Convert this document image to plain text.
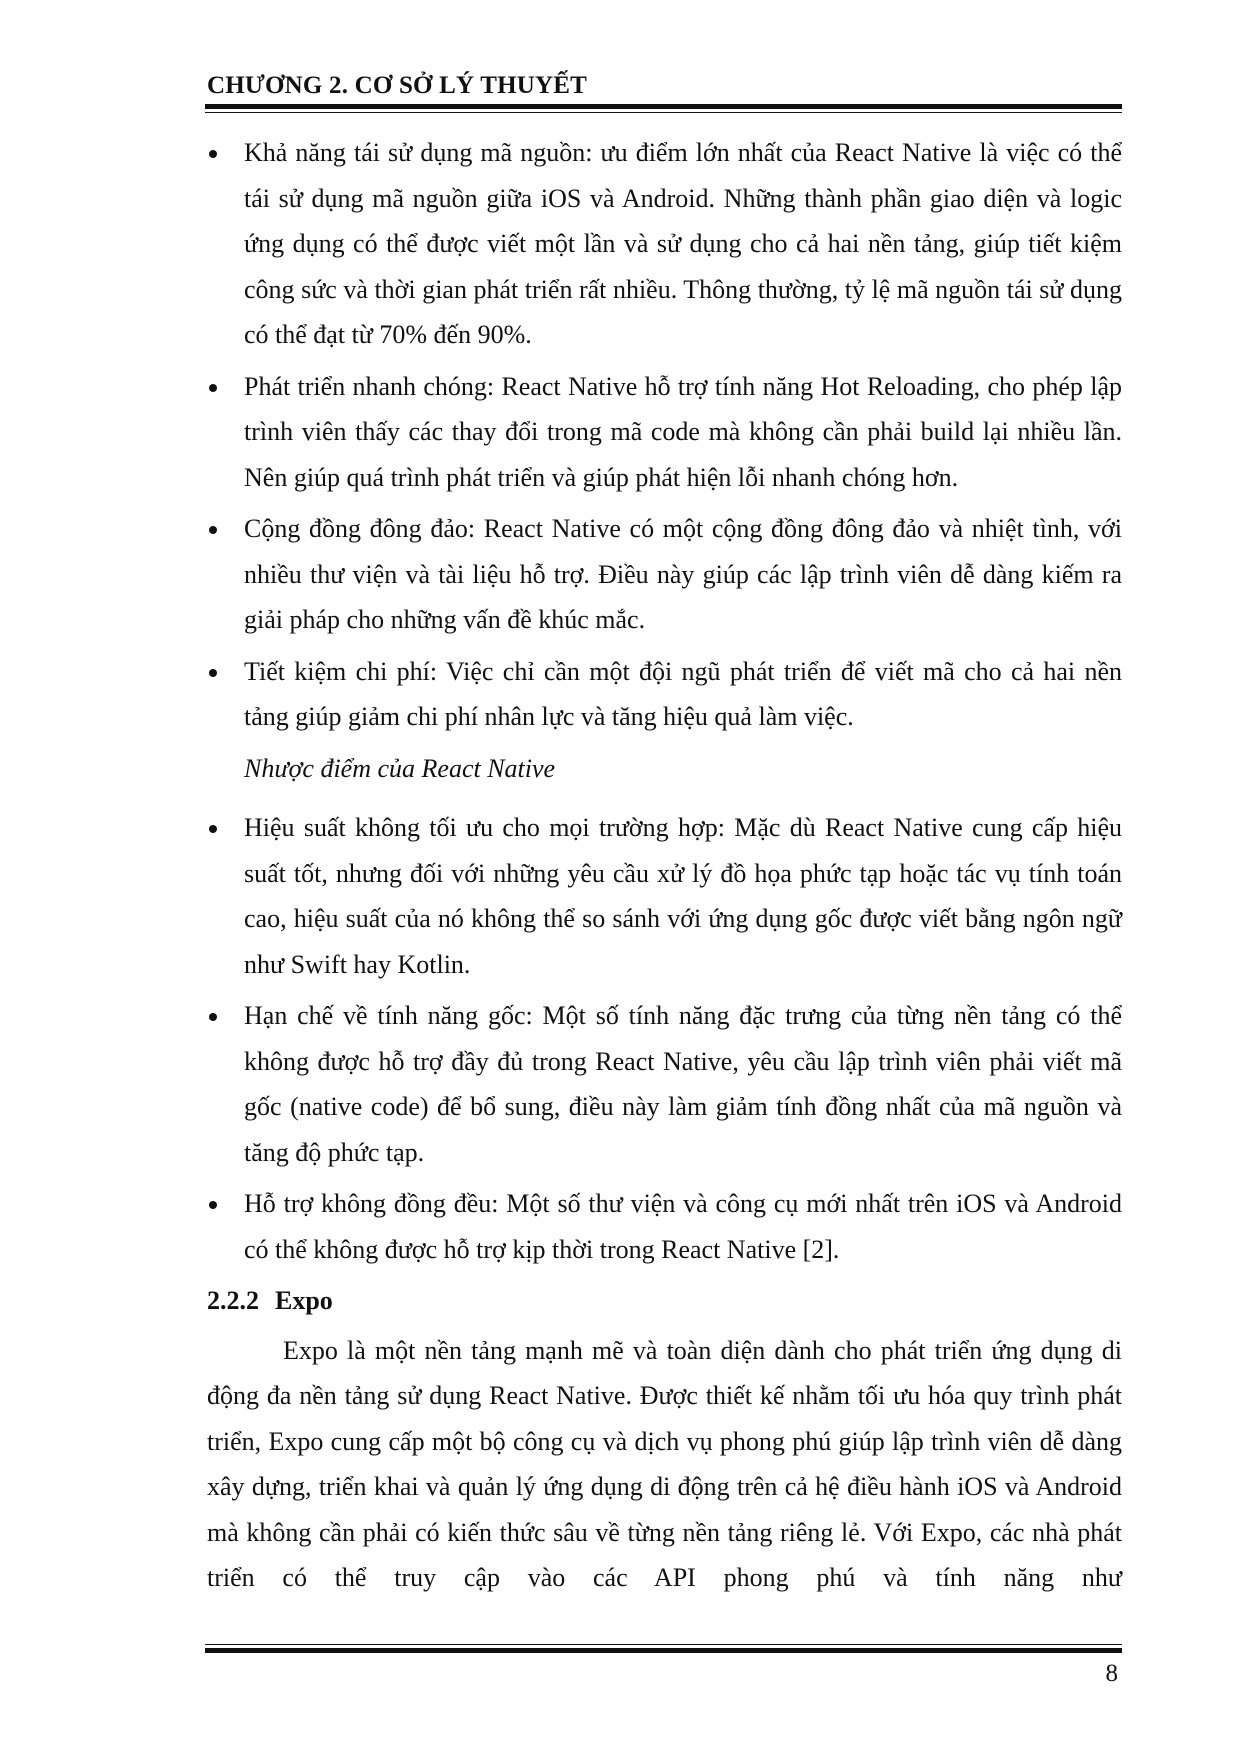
CHƯƠNG 2. CƠ SỞ LÝ THUYẾT
Khả năng tái sử dụng mã nguồn: ưu điểm lớn nhất của React Native là việc có thể tái sử dụng mã nguồn giữa iOS và Android. Những thành phần giao diện và logic ứng dụng có thể được viết một lần và sử dụng cho cả hai nền tảng, giúp tiết kiệm công sức và thời gian phát triển rất nhiều. Thông thường, tỷ lệ mã nguồn tái sử dụng có thể đạt từ 70% đến 90%.
Phát triển nhanh chóng: React Native hỗ trợ tính năng Hot Reloading, cho phép lập trình viên thấy các thay đổi trong mã code mà không cần phải build lại nhiều lần. Nên giúp quá trình phát triển và giúp phát hiện lỗi nhanh chóng hơn.
Cộng đồng đông đảo: React Native có một cộng đồng đông đảo và nhiệt tình, với nhiều thư viện và tài liệu hỗ trợ. Điều này giúp các lập trình viên dễ dàng kiếm ra giải pháp cho những vấn đề khúc mắc.
Tiết kiệm chi phí: Việc chỉ cần một đội ngũ phát triển để viết mã cho cả hai nền tảng giúp giảm chi phí nhân lực và tăng hiệu quả làm việc.
Nhược điểm của React Native
Hiệu suất không tối ưu cho mọi trường hợp: Mặc dù React Native cung cấp hiệu suất tốt, nhưng đối với những yêu cầu xử lý đồ họa phức tạp hoặc tác vụ tính toán cao, hiệu suất của nó không thể so sánh với ứng dụng gốc được viết bằng ngôn ngữ như Swift hay Kotlin.
Hạn chế về tính năng gốc: Một số tính năng đặc trưng của từng nền tảng có thể không được hỗ trợ đầy đủ trong React Native, yêu cầu lập trình viên phải viết mã gốc (native code) để bổ sung, điều này làm giảm tính đồng nhất của mã nguồn và tăng độ phức tạp.
Hỗ trợ không đồng đều: Một số thư viện và công cụ mới nhất trên iOS và Android có thể không được hỗ trợ kịp thời trong React Native [2].
2.2.2 Expo

Expo là một nền tảng mạnh mẽ và toàn diện dành cho phát triển ứng dụng di động đa nền tảng sử dụng React Native. Được thiết kế nhằm tối ưu hóa quy trình phát triển, Expo cung cấp một bộ công cụ và dịch vụ phong phú giúp lập trình viên dễ dàng xây dựng, triển khai và quản lý ứng dụng di động trên cả hệ điều hành iOS và Android mà không cần phải có kiến thức sâu về từng nền tảng riêng lẻ. Với Expo, các nhà phát triển có thể truy cập vào các API phong phú và tính năng như

8
